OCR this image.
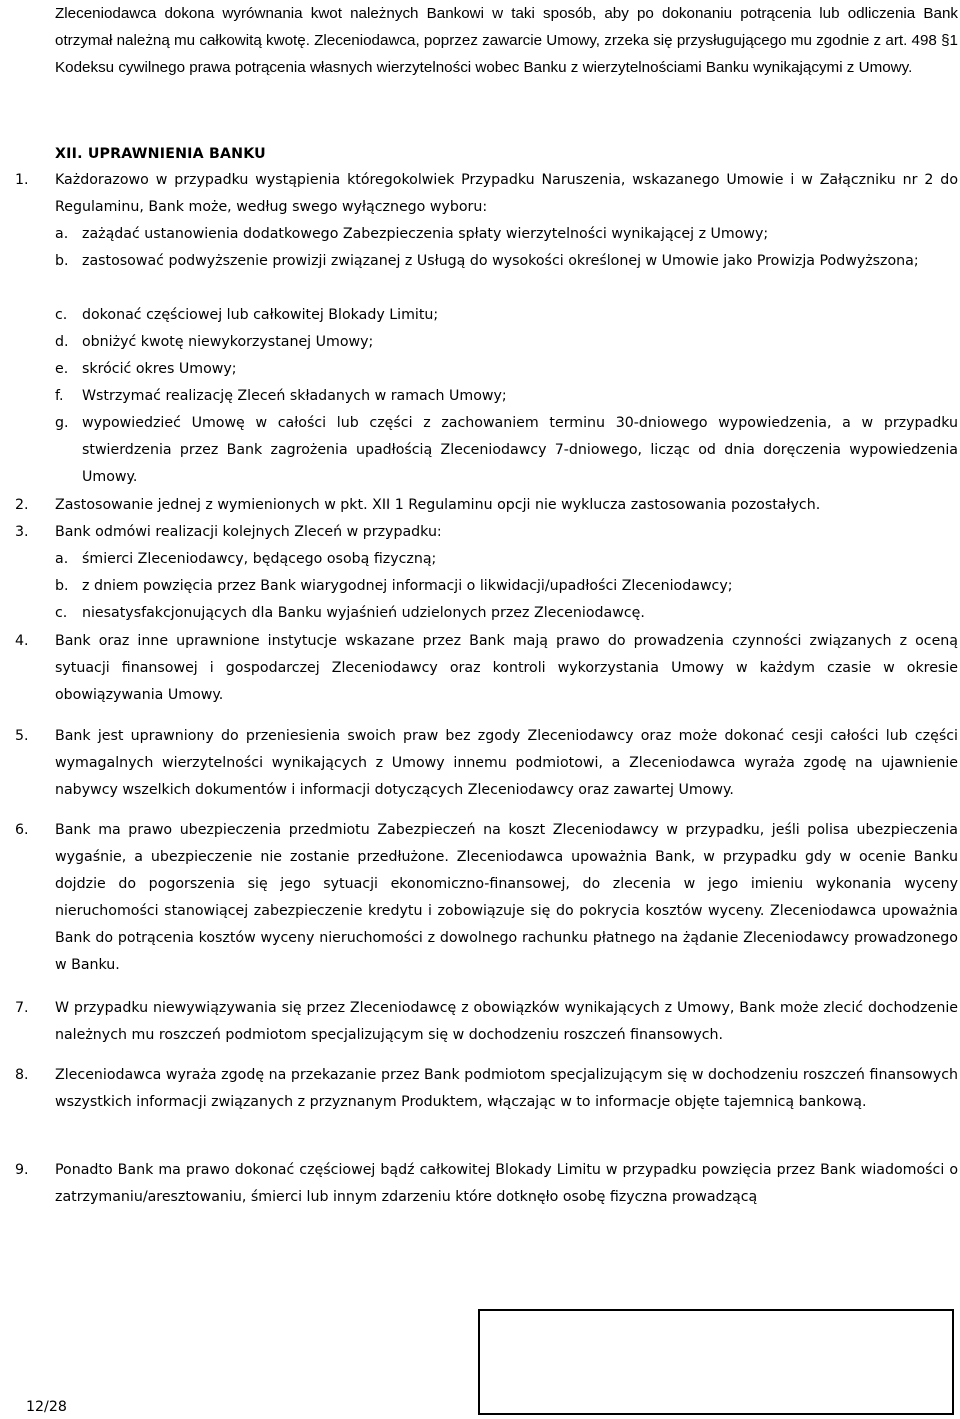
Zleceniodawca dokona wyrównania kwot należnych Bankowi w taki sposób, aby po dokonaniu potrącenia lub odliczenia Bank otrzymał należną mu całkowitą kwotę. Zleceniodawca, poprzez zawarcie Umowy, zrzeka się przysługującego mu zgodnie z art. 498 §1 Kodeksu cywilnego prawa potrącenia własnych wierzytelności wobec Banku z wierzytelnościami Banku wynikającymi z Umowy.
XII. UPRAWNIENIA BANKU
1. Każdorazowo w przypadku wystąpienia któregokolwiek Przypadku Naruszenia, wskazanego Umowie i w Załączniku nr 2 do Regulaminu, Bank może, według swego wyłącznego wyboru:
a. zażądać ustanowienia dodatkowego Zabezpieczenia spłaty wierzytelności wynikającej z Umowy;
b. zastosować podwyższenie prowizji związanej z Usługą do wysokości określonej w Umowie jako Prowizja Podwyższona;
c. dokonać częściowej lub całkowitej Blokady Limitu;
d. obniżyć kwotę niewykorzystanej Umowy;
e. skrócić okres Umowy;
f. Wstrzymać realizację Zleceń składanych w ramach Umowy;
g. wypowiedzieć Umowę w całości lub części z zachowaniem terminu 30-dniowego wypowiedzenia, a w przypadku stwierdzenia przez Bank zagrożenia upadłością Zleceniodawcy 7-dniowego, licząc od dnia doręczenia wypowiedzenia Umowy.
2. Zastosowanie jednej z wymienionych w pkt. XII 1 Regulaminu opcji nie wyklucza zastosowania pozostałych.
3. Bank odmówi realizacji kolejnych Zleceń w przypadku:
a. śmierci Zleceniodawcy, będącego osobą fizyczną;
b. z dniem powzięcia przez Bank wiarygodnej informacji o likwidacji/upadłości Zleceniodawcy;
c. niesatysfakcjonujących dla Banku wyjaśnień udzielonych przez Zleceniodawcę.
4. Bank oraz inne uprawnione instytucje wskazane przez Bank mają prawo do prowadzenia czynności związanych z oceną sytuacji finansowej i gospodarczej Zleceniodawcy oraz kontroli wykorzystania Umowy w każdym czasie w okresie obowiązywania Umowy.
5. Bank jest uprawniony do przeniesienia swoich praw bez zgody Zleceniodawcy oraz może dokonać cesji całości lub części wymagalnych wierzytelności wynikających z Umowy innemu podmiotowi, a Zleceniodawca wyraża zgodę na ujawnienie nabywcy wszelkich dokumentów i informacji dotyczących Zleceniodawcy oraz zawartej Umowy.
6. Bank ma prawo ubezpieczenia przedmiotu Zabezpieczeń na koszt Zleceniodawcy w przypadku, jeśli polisa ubezpieczenia wygaśnie, a ubezpieczenie nie zostanie przedłużone. Zleceniodawca upoważnia Bank, w przypadku gdy w ocenie Banku dojdzie do pogorszenia się jego sytuacji ekonomiczno-finansowej, do zlecenia w jego imieniu wykonania wyceny nieruchomości stanowiącej zabezpieczenie kredytu i zobowiązuje się do pokrycia kosztów wyceny. Zleceniodawca upoważnia Bank do potrącenia kosztów wyceny nieruchomości z dowolnego rachunku płatnego na żądanie Zleceniodawcy prowadzonego w Banku.
7. W przypadku niewywiązywania się przez Zleceniodawcę z obowiązków wynikających z Umowy, Bank może zlecić dochodzenie należnych mu roszczeń podmiotom specjalizującym się w dochodzeniu roszczeń finansowych.
8. Zleceniodawca wyraża zgodę na przekazanie przez Bank podmiotom specjalizującym się w dochodzeniu roszczeń finansowych wszystkich informacji związanych z przyznanym Produktem, włączając w to informacje objęte tajemnicą bankową.
9. Ponadto Bank ma prawo dokonać częściowej bądź całkowitej Blokady Limitu w przypadku powzięcia przez Bank wiadomości o zatrzymaniu/aresztowaniu, śmierci lub innym zdarzeniu które dotknęło osobę fizyczna prowadzącą
12/28
